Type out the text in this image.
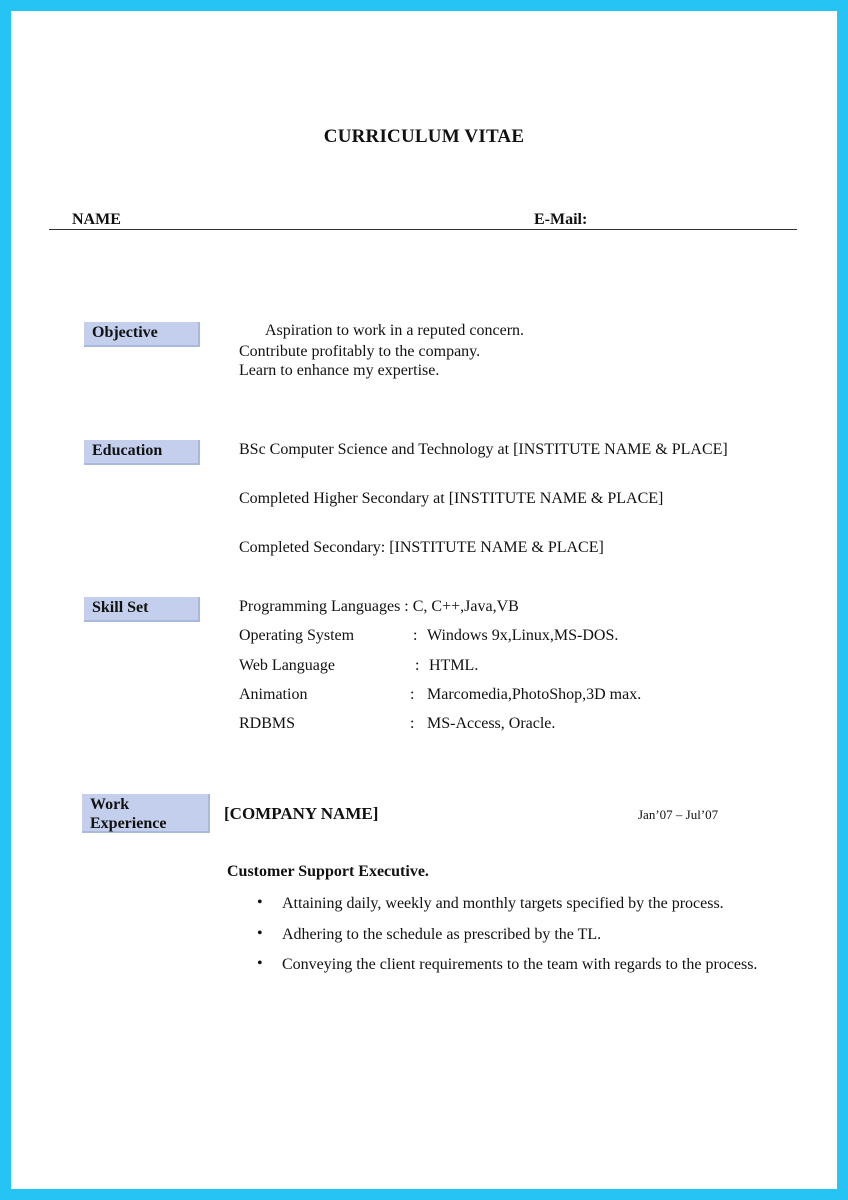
CURRICULUM VITAE
NAME	E-Mail:
Objective	Aspiration to work in a reputed concern.
Contribute profitably to the company.
Learn to enhance my expertise.
Education	BSc Computer Science and Technology at [INSTITUTE NAME & PLACE]
Completed Higher Secondary at [INSTITUTE NAME & PLACE]
Completed Secondary: [INSTITUTE NAME & PLACE]
Skill Set	Programming Languages : C, C++,Java,VB
Operating System	: Windows 9x,Linux,MS-DOS.
Web Language	: HTML.
Animation	: Marcomedia,PhotoShop,3D max.
RDBMS	: MS-Access, Oracle.
Work
Experience
[COMPANY NAME]	Jan’07 – Jul’07
Customer Support Executive.
• Attaining daily, weekly and monthly targets specified by the process.
• Adhering to the schedule as prescribed by the TL.
• Conveying the client requirements to the team with regards to the process.
